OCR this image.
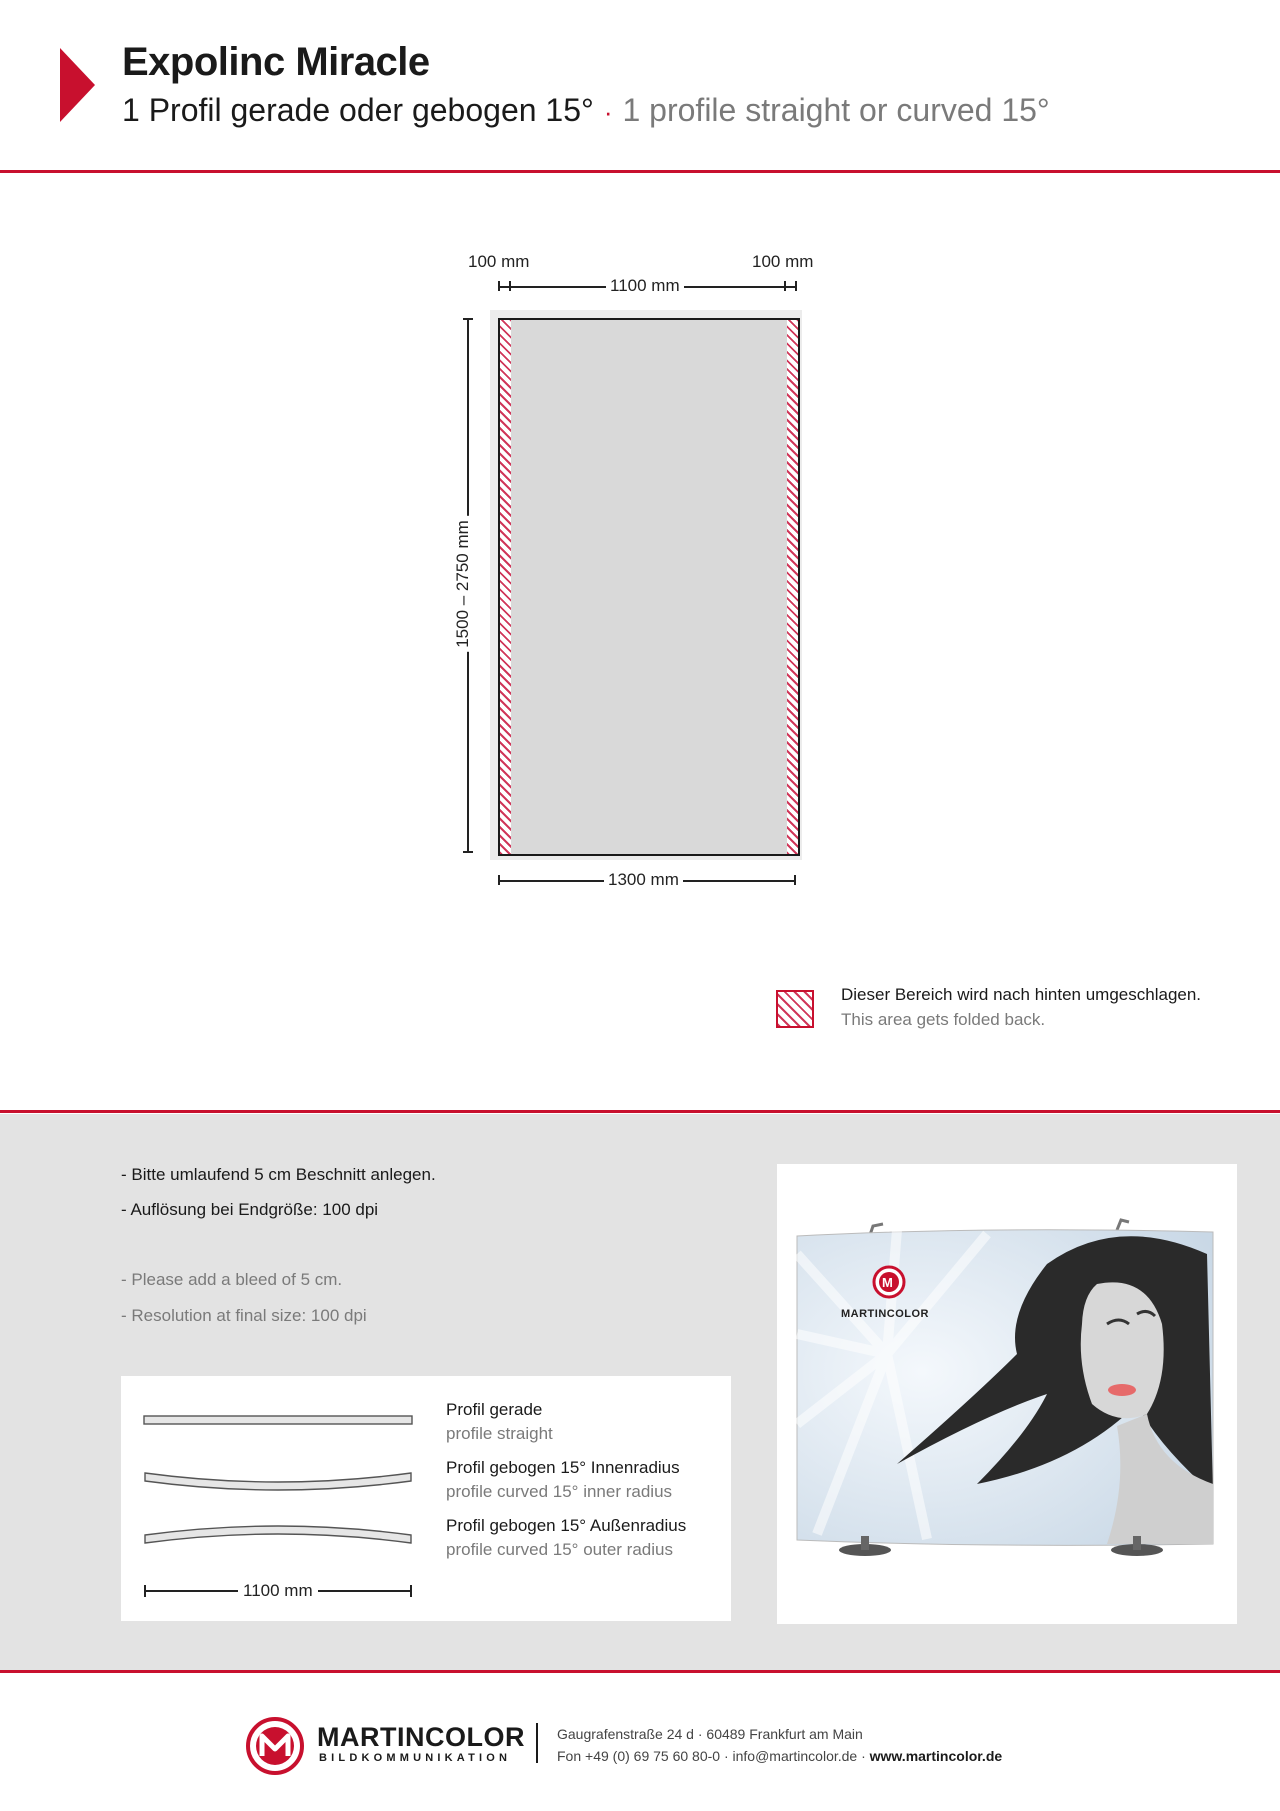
Expolinc Miracle
1 Profil gerade oder gebogen 15° · 1 profile straight or curved 15°
100 mm	100 mm
1100 mm
1500 – 2750 mm
1300 mm
Dieser Bereich wird nach hinten umgeschlagen.
This area gets folded back.
- Bitte umlaufend 5 cm Beschnitt anlegen.
- Auflösung bei Endgröße: 100 dpi
- Please add a bleed of 5 cm.
- Resolution at final size: 100 dpi
1100 mm
Profil gerade
profile straight
Profil gebogen 15° Innenradius
profile curved 15° inner radius
Profil gebogen 15° Außenradius
profile curved 15° outer radius
M
MARTINCOLOR
MARTINCOLOR
BILDKOMMUNIKATION
Gaugrafenstraße 24 d · 60489 Frankfurt am Main
Fon +49 (0) 69 75 60 80-0 · info@martincolor.de · www.martincolor.de
